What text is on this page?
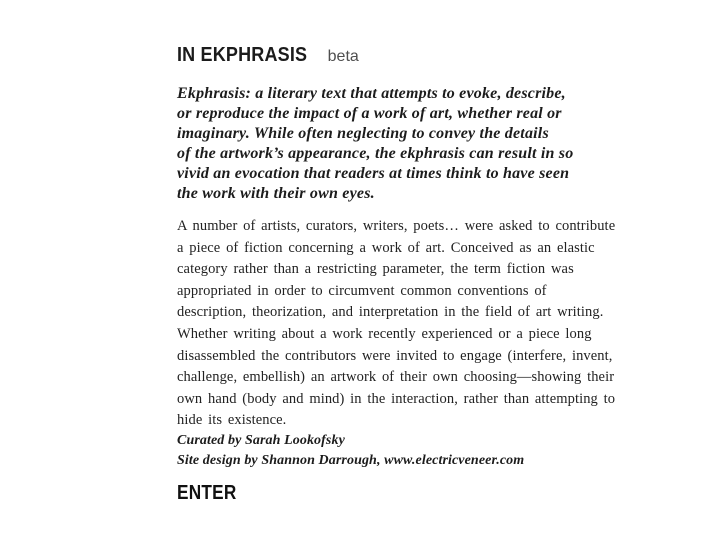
IN EKPHRASIS beta
Ekphrasis: a literary text that attempts to evoke, describe,
or reproduce the impact of a work of art, whether real or
imaginary. While often neglecting to convey the details
of the artwork’s appearance, the ekphrasis can result in so
vivid an evocation that readers at times think to have seen
the work with their own eyes.
A number of artists, curators, writers, poets… were asked to contribute
a piece of fiction concerning a work of art. Conceived as an elastic
category rather than a restricting parameter, the term fiction was
appropriated in order to circumvent common conventions of
description, theorization, and interpretation in the field of art writing.
Whether writing about a work recently experienced or a piece long
disassembled the contributors were invited to engage (interfere, invent,
challenge, embellish) an artwork of their own choosing—showing their
own hand (body and mind) in the interaction, rather than attempting to
hide its existence.
Curated by Sarah Lookofsky
Site design by Shannon Darrough, www.electricveneer.com
ENTER
